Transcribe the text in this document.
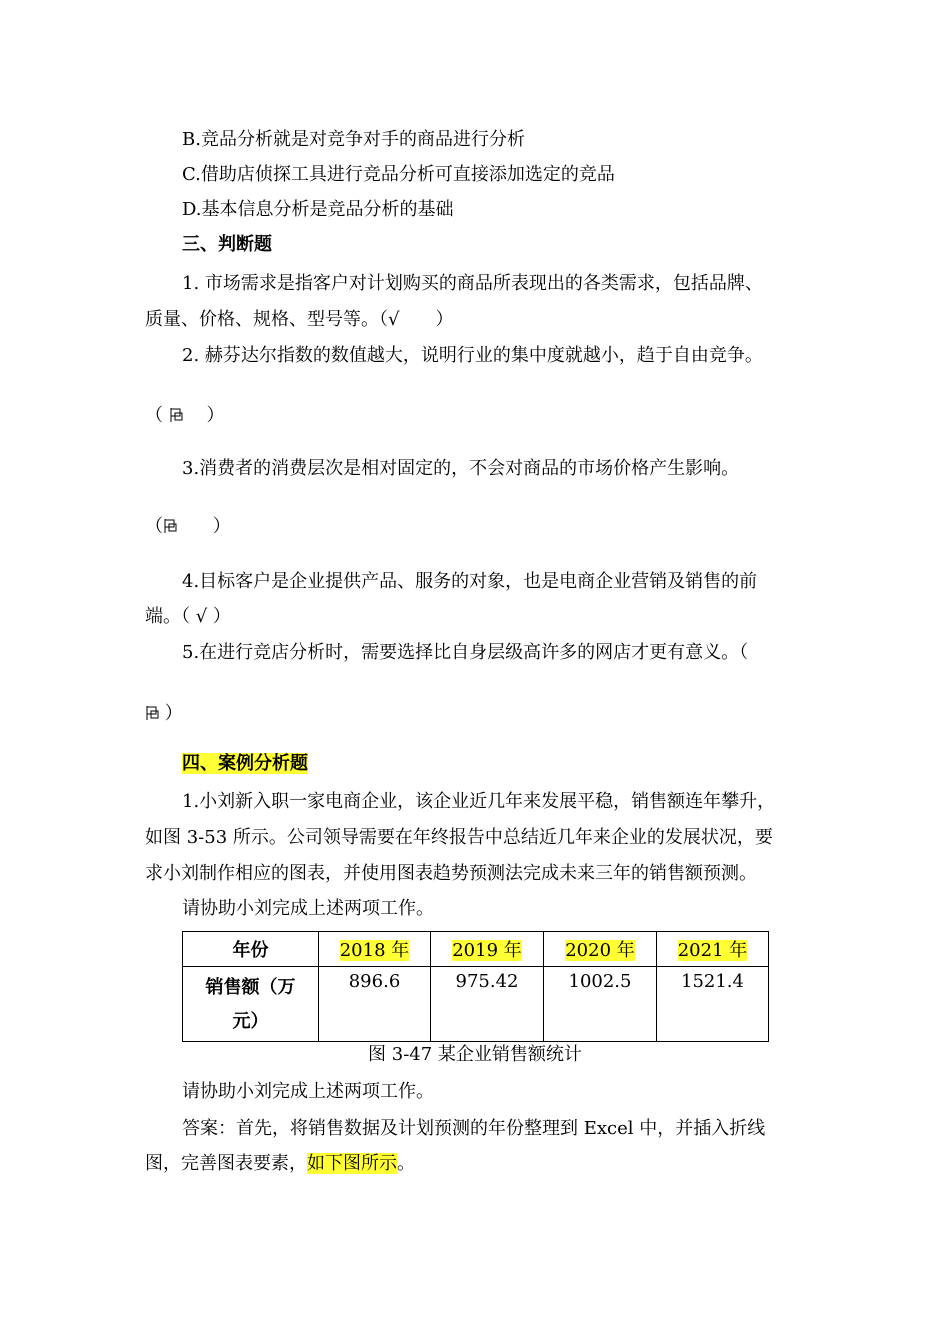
B.竞品分析就是对竞争对手的商品进行分析
C.借助店侦探工具进行竞品分析可直接添加选定的竞品
D.基本信息分析是竞品分析的基础
三、判断题
1. 市场需求是指客户对计划购买的商品所表现出的各类需求，包括品牌、
质量、价格、规格、型号等。（√　　）
2. 赫芬达尔指数的数值越大，说明行业的集中度就越小，趋于自由竞争。
（ ）
3.消费者的消费层次是相对固定的，不会对商品的市场价格产生影响。
（	）
4.目标客户是企业提供产品、服务的对象，也是电商企业营销及销售的前
端。（ √ ）
5.在进行竞店分析时，需要选择比自身层级高许多的网店才更有意义。（
）
四、案例分析题
1.小刘新入职一家电商企业，该企业近几年来发展平稳，销售额连年攀升，
如图 3-53 所示。公司领导需要在年终报告中总结近几年来企业的发展状况，要
求小刘制作相应的图表，并使用图表趋势预测法完成未来三年的销售额预测。
请协助小刘完成上述两项工作。
年份	2018 年	2019 年	2020 年	2021 年

销售额（万
元）	896.6	975.42	1002.5	1521.4
图 3-47 某企业销售额统计
请协助小刘完成上述两项工作。
答案：首先，将销售数据及计划预测的年份整理到 Excel 中，并插入折线
图，完善图表要素，如下图所示。
